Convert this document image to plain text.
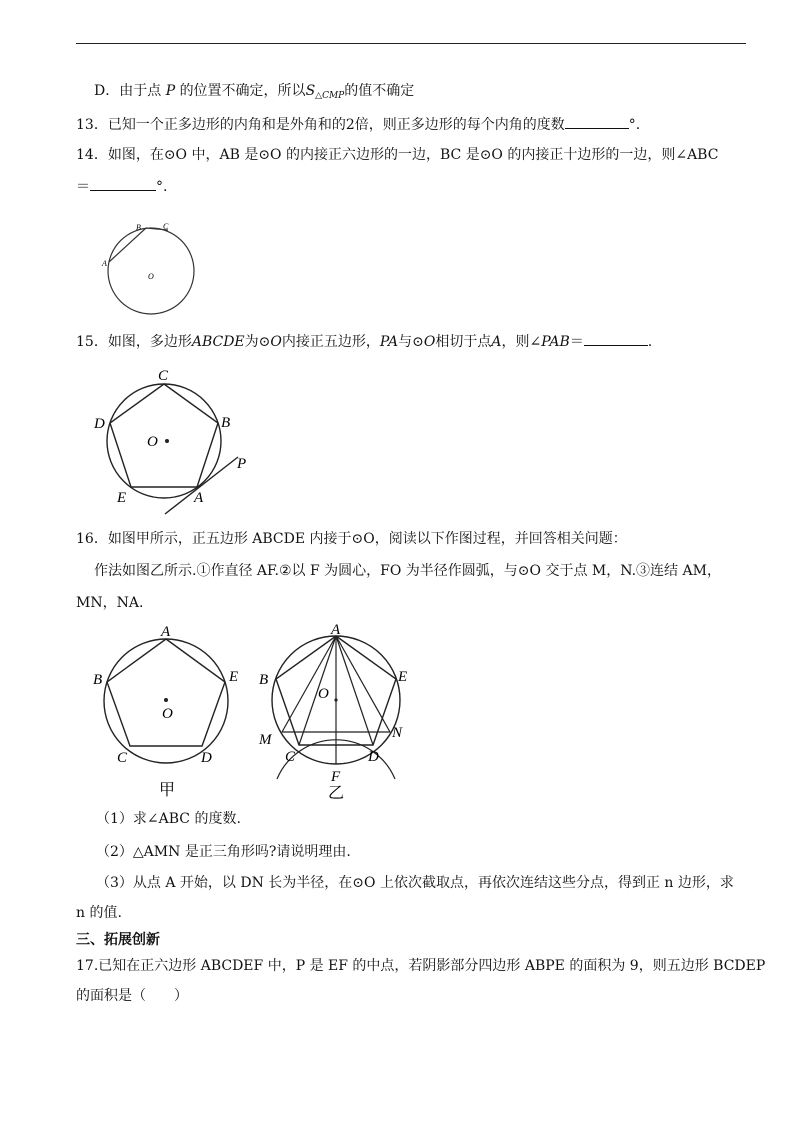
D．由于点 P 的位置不确定，所以$S_{\triangle CMP}$的值不确定
13．已知一个正多边形的内角和是外角和的2倍，则正多边形的每个内角的度数	°.
14．如图，在⊙O 中，AB 是⊙O 的内接正六边形的一边，BC 是⊙O 的内接正十边形的一边，则∠ABC
＝	°.
A
B	C
O
15．如图，多边形ABCDE为⊙O内接正五边形，PA与⊙O相切于点A，则∠PAB＝	.
C
B
D
E	A
O
P
16．如图甲所示，正五边形 ABCDE 内接于⊙O，阅读以下作图过程，并回答相关问题：
作法如图乙所示.①作直径 AF.②以 F 为圆心，FO 为半径作圆弧，与⊙O 交于点 M，N.③连结 AM，
MN，NA.
A
B	E
O
C	D
甲
A
B	E
O
M	N
C	D
F
乙
（1）求∠ABC 的度数.
（2）△AMN 是正三角形吗?请说明理由.
（3）从点 A 开始，以 DN 长为半径，在⊙O 上依次截取点，再依次连结这些分点，得到正 n 边形，求
n 的值.
三、拓展创新
17.已知在正六边形 ABCDEF 中，P 是 EF 的中点，若阴影部分四边形 ABPE 的面积为 9，则五边形 BCDEP
的面积是（　　）
